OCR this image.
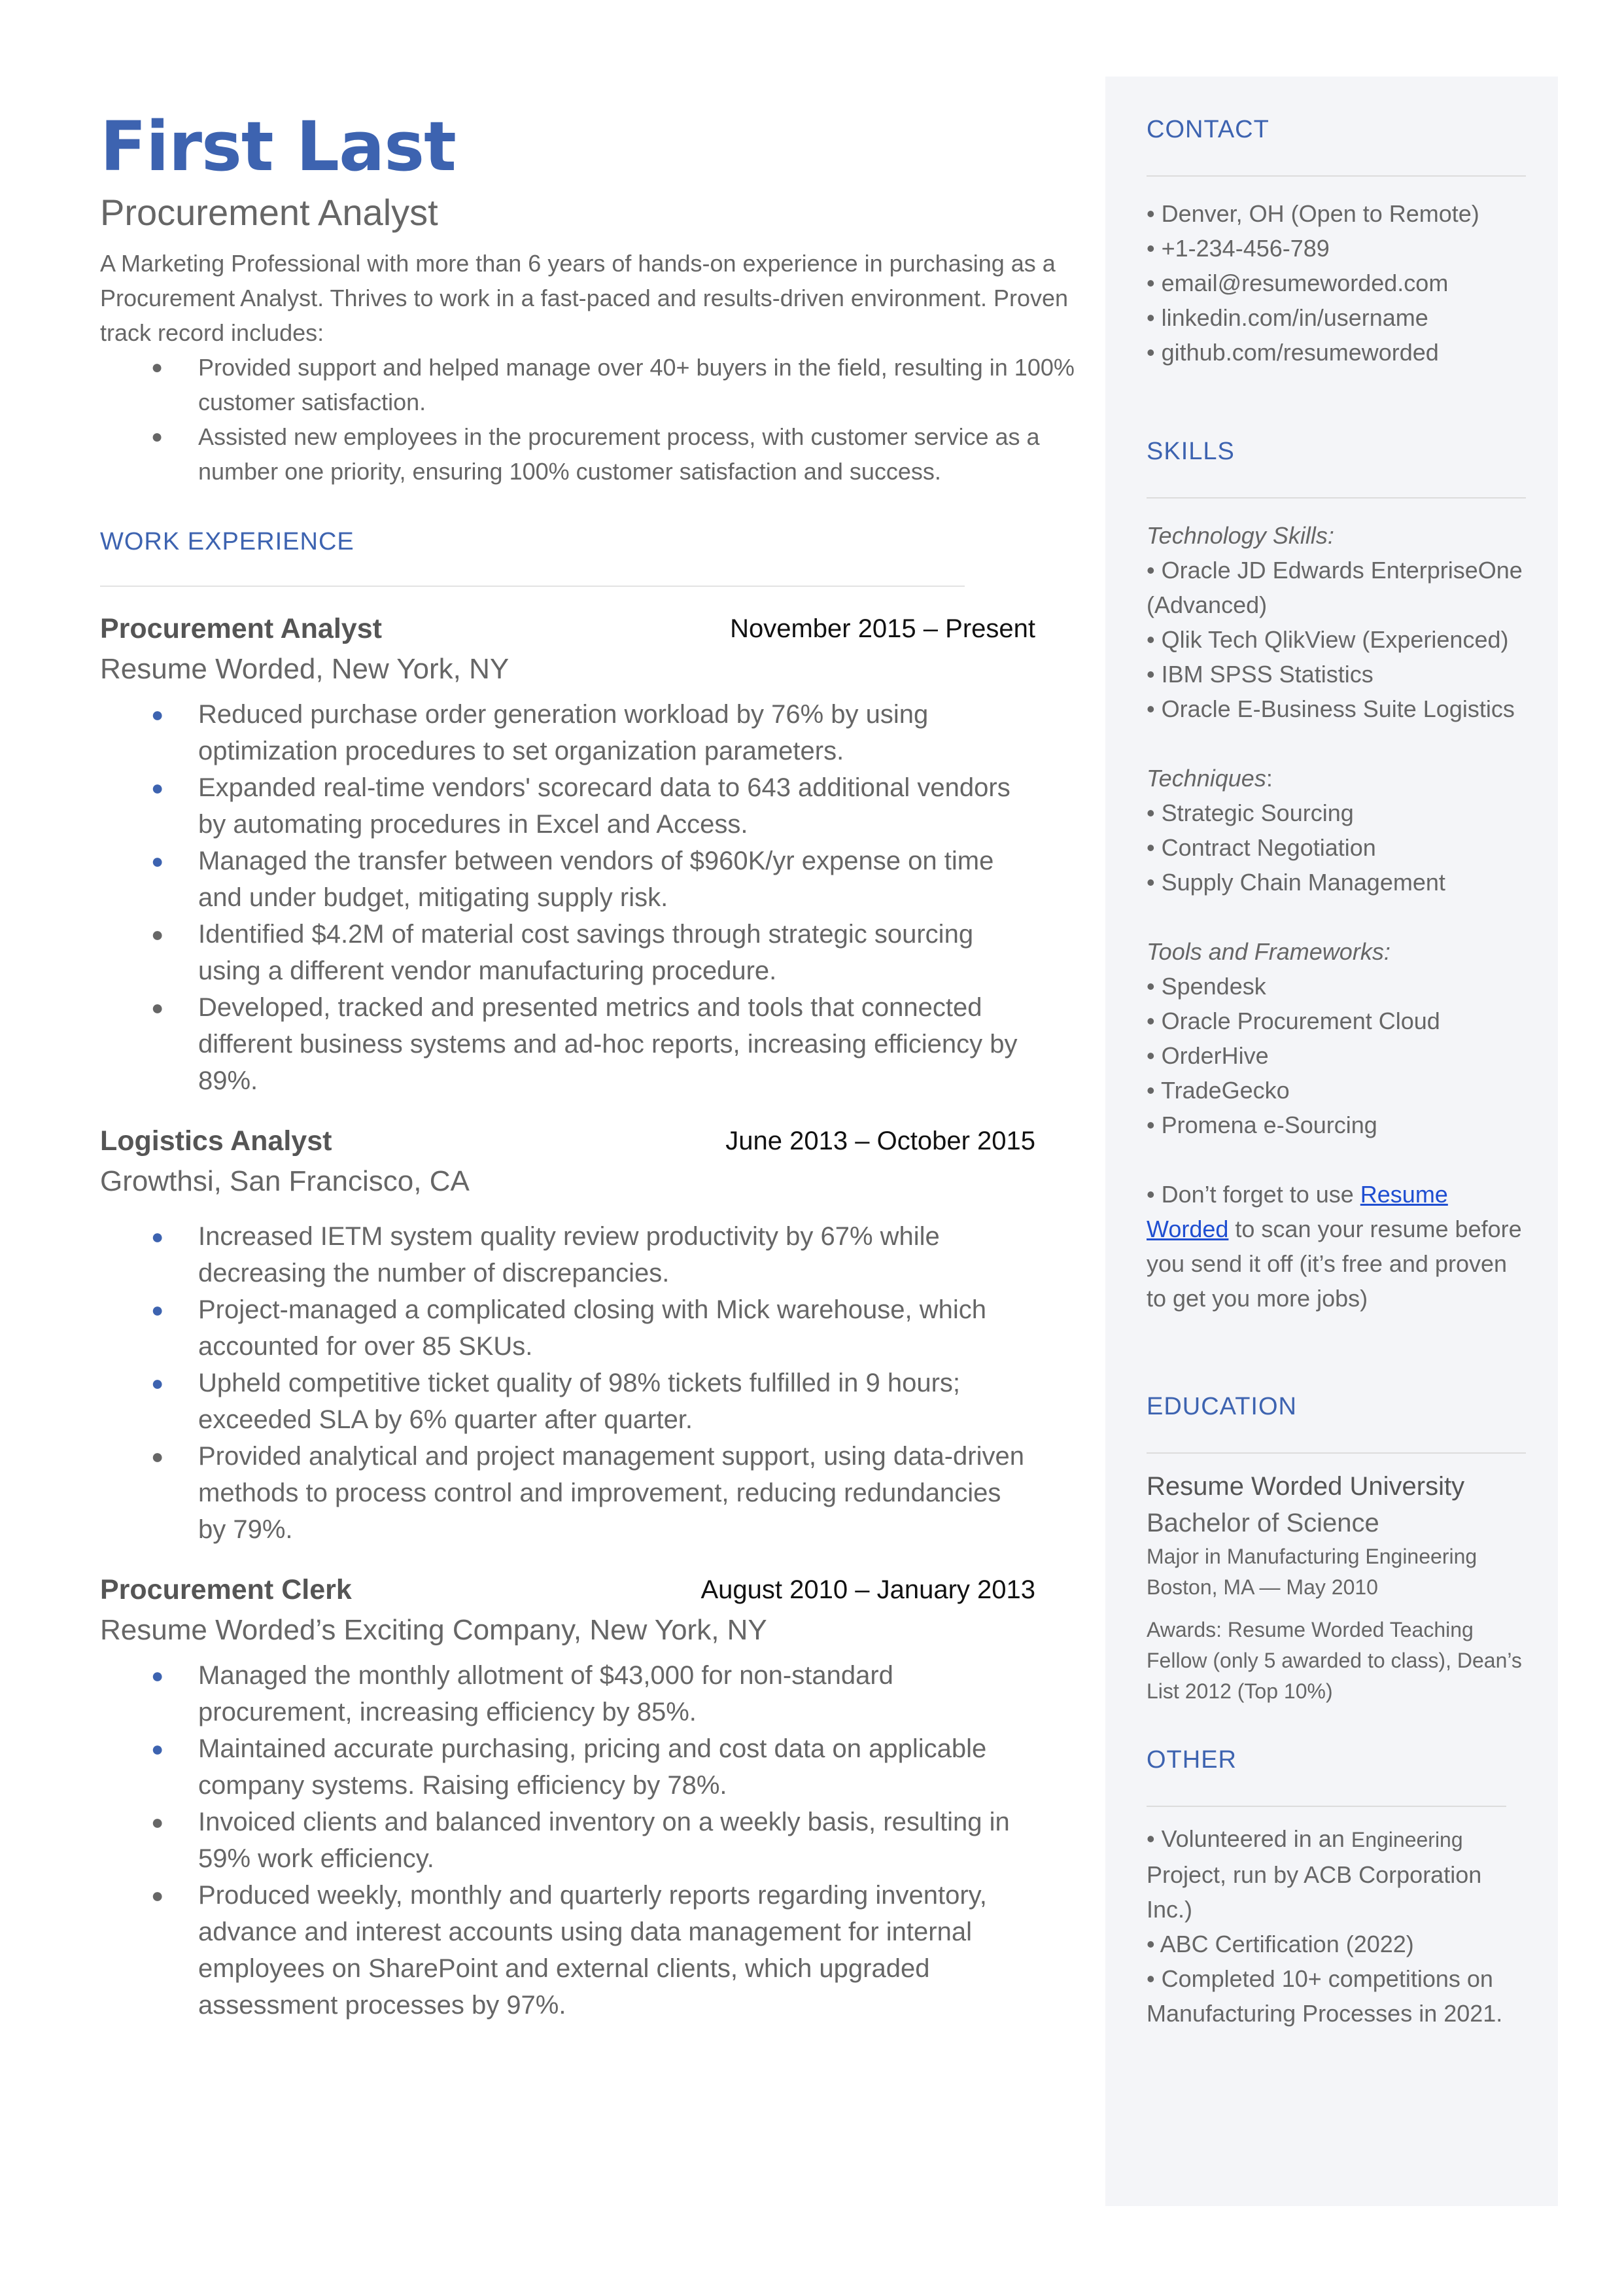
First Last
Procurement Analyst

A Marketing Professional with more than 6 years of hands-on experience in purchasing as a Procurement Analyst. Thrives to work in a fast-paced and results-driven environment. Proven track record includes:

● Provided support and helped manage over 40+ buyers in the field, resulting in 100% customer satisfaction.
● Assisted new employees in the procurement process, with customer service as a number one priority, ensuring 100% customer satisfaction and success.
WORK EXPERIENCE
Procurement Analyst	November 2015 – Present
Resume Worded, New York, NY
● Reduced purchase order generation workload by 76% by using optimization procedures to set organization parameters.
● Expanded real-time vendors' scorecard data to 643 additional vendors by automating procedures in Excel and Access.
● Managed the transfer between vendors of $960K/yr expense on time and under budget, mitigating supply risk.
● Identified $4.2M of material cost savings through strategic sourcing using a different vendor manufacturing procedure.
● Developed, tracked and presented metrics and tools that connected different business systems and ad-hoc reports, increasing efficiency by 89%.
Logistics Analyst	June 2013 – October 2015
Growthsi, San Francisco, CA
● Increased IETM system quality review productivity by 67% while decreasing the number of discrepancies.
● Project-managed a complicated closing with Mick warehouse, which accounted for over 85 SKUs.
● Upheld competitive ticket quality of 98% tickets fulfilled in 9 hours; exceeded SLA by 6% quarter after quarter.
● Provided analytical and project management support, using data-driven methods to process control and improvement, reducing redundancies by 79%.
Procurement Clerk	August 2010 – January 2013
Resume Worded’s Exciting Company, New York, NY
● Managed the monthly allotment of $43,000 for non-standard procurement, increasing efficiency by 85%.
● Maintained accurate purchasing, pricing and cost data on applicable company systems. Raising efficiency by 78%.
● Invoiced clients and balanced inventory on a weekly basis, resulting in 59% work efficiency.
● Produced weekly, monthly and quarterly reports regarding inventory, advance and interest accounts using data management for internal employees on SharePoint and external clients, which upgraded assessment processes by 97%.
CONTACT
• Denver, OH (Open to Remote)
• +1-234-456-789
• email@resumeworded.com
• linkedin.com/in/username
• github.com/resumeworded
SKILLS
Technology Skills:
• Oracle JD Edwards EnterpriseOne (Advanced)
• Qlik Tech QlikView (Experienced)
• IBM SPSS Statistics
• Oracle E-Business Suite Logistics
Techniques:
• Strategic Sourcing
• Contract Negotiation
• Supply Chain Management
Tools and Frameworks:
• Spendesk
• Oracle Procurement Cloud
• OrderHive
• TradeGecko
• Promena e-Sourcing

• Don’t forget to use Resume Worded to scan your resume before you send it off (it’s free and proven to get you more jobs)

EDUCATION

Resume Worded University

Bachelor of Science

Major in Manufacturing Engineering

Boston, MA — May 2010

Awards: Resume Worded Teaching Fellow (only 5 awarded to class), Dean’s List 2012 (Top 10%)

OTHER

• Volunteered in an Engineering Project, run by ACB Corporation Inc.)

• ABC Certification (2022)

• Completed 10+ competitions on Manufacturing Processes in 2021.
